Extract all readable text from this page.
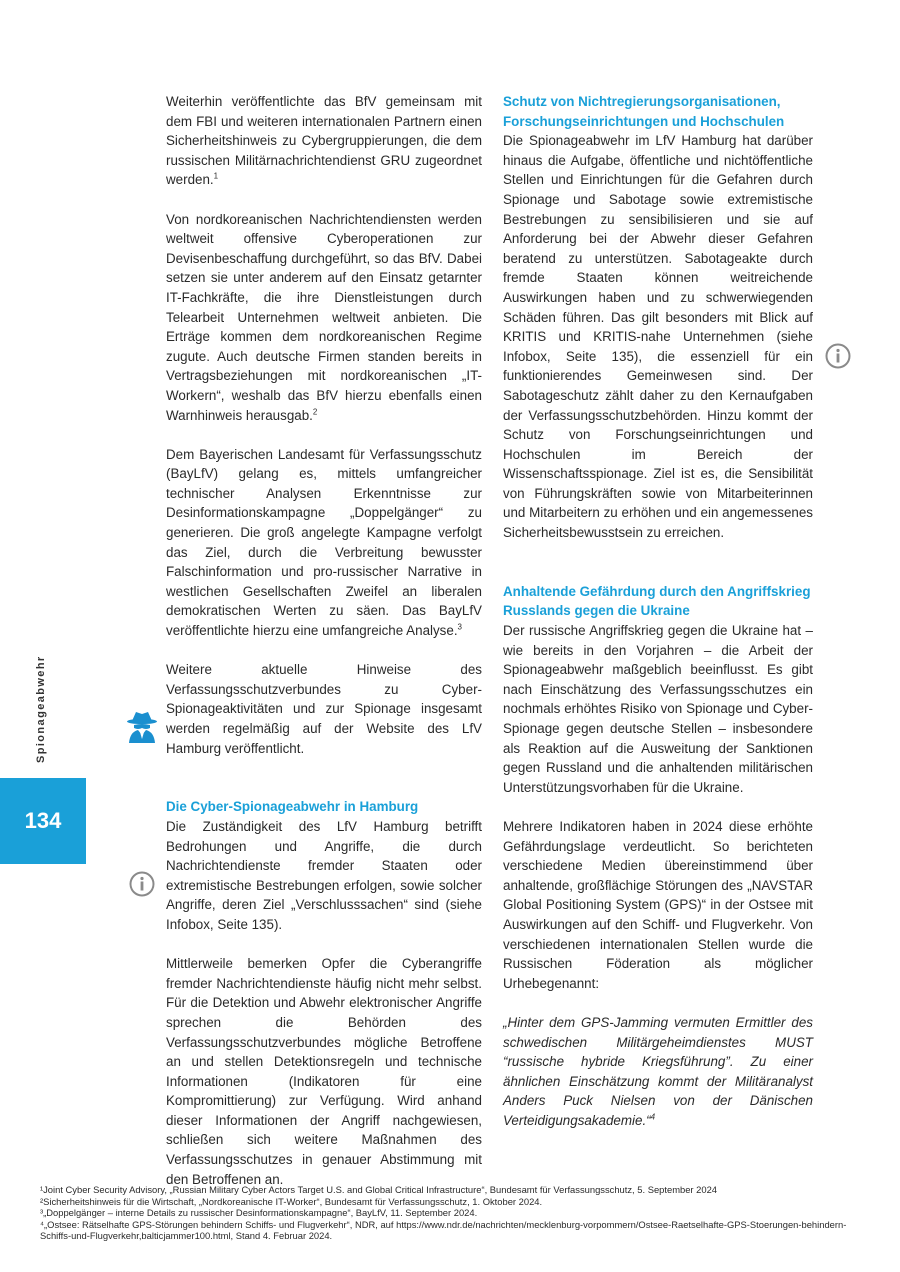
Spionageabwehr
134

Weiterhin veröffentlichte das BfV gemeinsam mit dem FBI und weiteren internationalen Partnern einen Sicherheitshinweis zu Cybergruppierungen, die dem russischen Militärnachrichtendienst GRU zugeordnet werden.$^1$

Von nordkoreanischen Nachrichtendiensten werden weltweit offensive Cyberoperationen zur Devisenbeschaffung durchgeführt, so das BfV. Dabei setzen sie unter anderem auf den Einsatz getarnter IT-Fachkräfte, die ihre Dienstleistungen durch Telearbeit Unternehmen weltweit anbieten. Die Erträge kommen dem nordkoreanischen Regime zugute. Auch deutsche Firmen standen bereits in Vertragsbeziehungen mit nordkoreanischen „IT-Workern“, weshalb das BfV hierzu ebenfalls einen Warnhinweis herausgab.$^2$

Dem Bayerischen Landesamt für Verfassungsschutz (BayLfV) gelang es, mittels umfangreicher technischer Analysen Erkenntnisse zur Desinformationskampagne „Doppelgänger“ zu generieren. Die groß angelegte Kampagne verfolgt das Ziel, durch die Verbreitung bewusster Falschinformation und pro-russischer Narrative in westlichen Gesellschaften Zweifel an liberalen demokratischen Werten zu säen. Das BayLfV veröffentlichte hierzu eine umfangreiche Analyse.$^3$

Weitere aktuelle Hinweise des Verfassungsschutzverbundes zu Cyber-Spionageaktivitäten und zur Spionage insgesamt werden regelmäßig auf der Website des LfV Hamburg veröffentlicht.

Die Cyber-Spionageabwehr in Hamburg

Die Zuständigkeit des LfV Hamburg betrifft Bedrohungen und Angriffe, die durch Nachrichtendienste fremder Staaten oder extremistische Bestrebungen erfolgen, sowie solcher Angriffe, deren Ziel „Verschlusssachen“ sind (siehe Infobox, Seite 135).

Mittlerweile bemerken Opfer die Cyberangriffe fremder Nachrichtendienste häufig nicht mehr selbst. Für die Detektion und Abwehr elektronischer Angriffe sprechen die Behörden des Verfassungsschutzverbundes mögliche Betroffene an und stellen Detektionsregeln und technische Informationen (Indikatoren für eine Kompromittierung) zur Verfügung. Wird anhand dieser Informationen der Angriff nachgewiesen, schließen sich weitere Maßnahmen des Verfassungsschutzes in genauer Abstimmung mit den Betroffenen an.

Schutz von Nichtregierungsorganisationen, Forschungseinrichtungen und Hochschulen

Die Spionageabwehr im LfV Hamburg hat darüber hinaus die Aufgabe, öffentliche und nichtöffentliche Stellen und Einrichtungen für die Gefahren durch Spionage und Sabotage sowie extremistische Bestrebungen zu sensibilisieren und sie auf Anforderung bei der Abwehr dieser Gefahren beratend zu unterstützen. Sabotageakte durch fremde Staaten können weitreichende Auswirkungen haben und zu schwerwiegenden Schäden führen. Das gilt besonders mit Blick auf KRITIS und KRITIS-nahe Unternehmen (siehe Infobox, Seite 135), die essenziell für ein funktionierendes Gemeinwesen sind. Der Sabotageschutz zählt daher zu den Kernaufgaben der Verfassungsschutzbehörden. Hinzu kommt der Schutz von Forschungseinrichtungen und Hochschulen im Bereich der Wissenschaftsspionage. Ziel ist es, die Sensibilität von Führungskräften sowie von Mitarbeiterinnen und Mitarbeitern zu erhöhen und ein angemessenes Sicherheitsbewusstsein zu erreichen.

Anhaltende Gefährdung durch den Angriffskrieg Russlands gegen die Ukraine

Der russische Angriffskrieg gegen die Ukraine hat – wie bereits in den Vorjahren – die Arbeit der Spionageabwehr maßgeblich beeinflusst. Es gibt nach Einschätzung des Verfassungsschutzes ein nochmals erhöhtes Risiko von Spionage und Cyber-Spionage gegen deutsche Stellen – insbesondere als Reaktion auf die Ausweitung der Sanktionen gegen Russland und die anhaltenden militärischen Unterstützungsvorhaben für die Ukraine.

Mehrere Indikatoren haben in 2024 diese erhöhte Gefährdungslage verdeutlicht. So berichteten verschiedene Medien übereinstimmend über anhaltende, großflächige Störungen des „NAVSTAR Global Positioning System (GPS)“ in der Ostsee mit Auswirkungen auf den Schiff- und Flugverkehr. Von verschiedenen internationalen Stellen wurde die Russischen Föderation als möglicher Urhebegenannt:

„Hinter dem GPS-Jamming vermuten Ermittler des schwedischen Militärgeheimdienstes MUST “russische hybride Kriegsführung”. Zu einer ähnlichen Einschätzung kommt der Militäranalyst Anders Puck Nielsen von der Dänischen Verteidigungsakademie.“$^4$

¹Joint Cyber Security Advisory, „Russian Military Cyber Actors Target U.S. and Global Critical Infrastructure“, Bundesamt für Verfassungsschutz, 5. September 2024
²Sicherheitshinweis für die Wirtschaft, „Nordkoreanische IT-Worker“, Bundesamt für Verfassungsschutz, 1. Oktober 2024.
³„Doppelgänger – interne Details zu russischer Desinformationskampagne“, BayLfV, 11. September 2024.
⁴„Ostsee: Rätselhafte GPS-Störungen behindern Schiffs- und Flugverkehr“, NDR, auf https://www.ndr.de/nachrichten/mecklenburg-vorpommern/Ostsee-Raetselhafte-GPS-Stoerungen-behindern-Schiffs-und-Flugverkehr,balticjammer100.html, Stand 4. Februar 2024.
